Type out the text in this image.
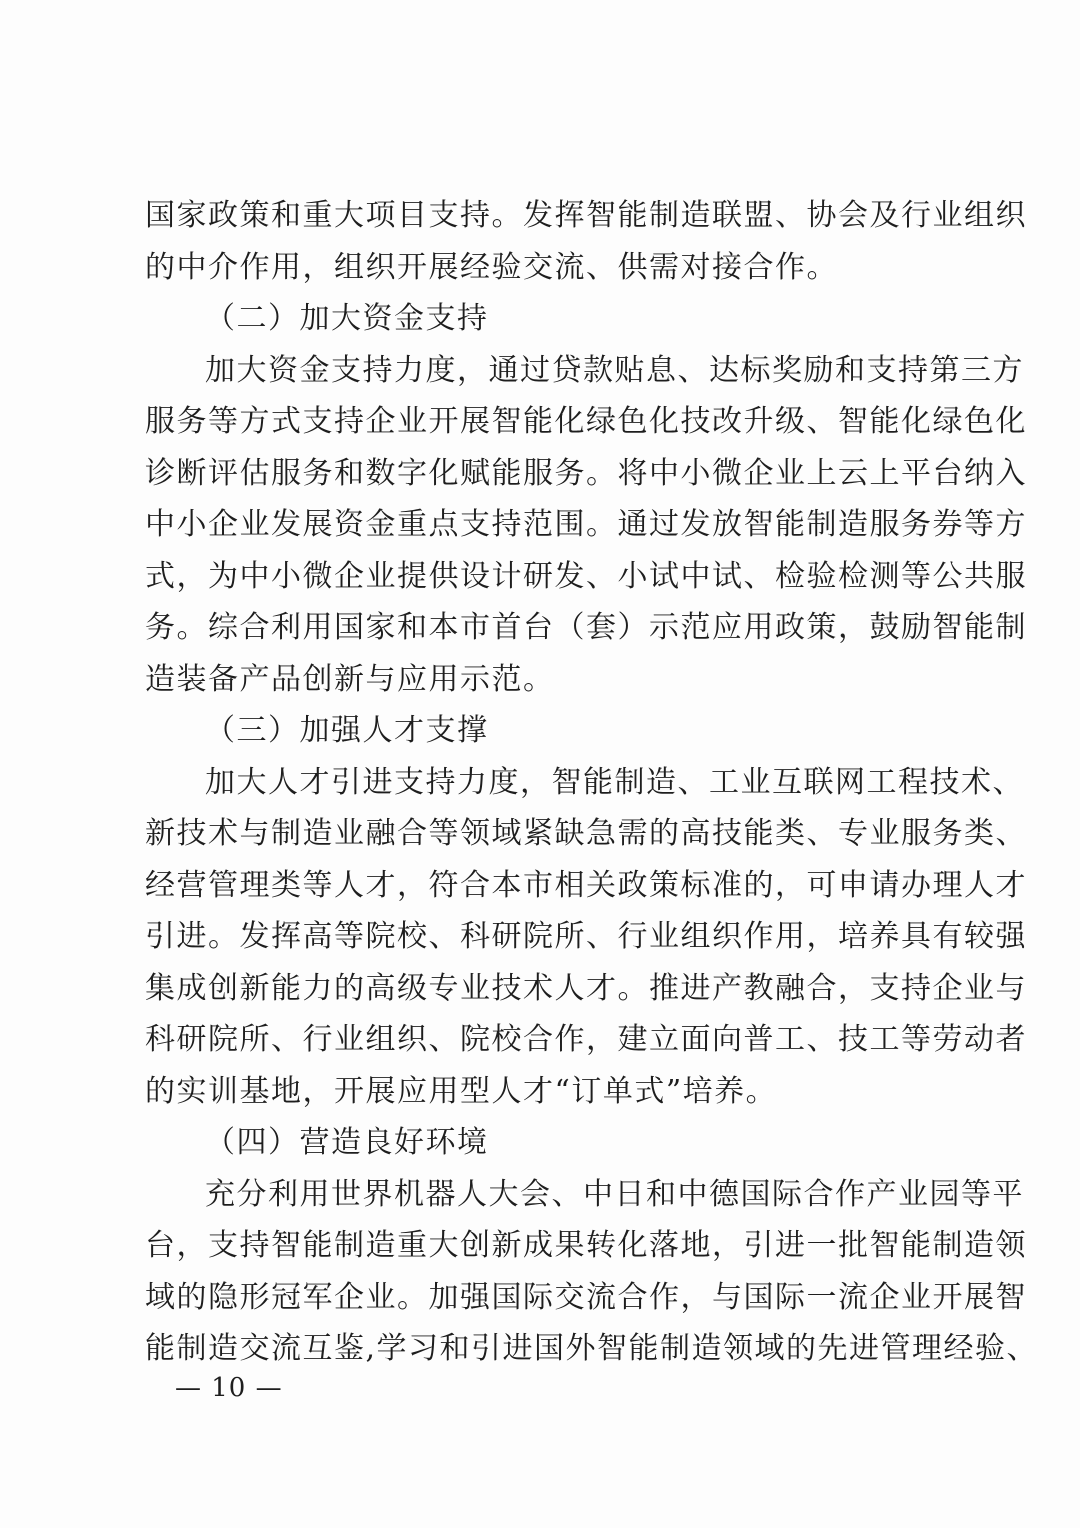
国家政策和重大项目支持。发挥智能制造联盟、协会及行业组织
的中介作用，组织开展经验交流、供需对接合作。
（二）加大资金支持
加大资金支持力度，通过贷款贴息、达标奖励和支持第三方
服务等方式支持企业开展智能化绿色化技改升级、智能化绿色化
诊断评估服务和数字化赋能服务。将中小微企业上云上平台纳入
中小企业发展资金重点支持范围。通过发放智能制造服务券等方
式，为中小微企业提供设计研发、小试中试、检验检测等公共服
务。综合利用国家和本市首台（套）示范应用政策，鼓励智能制
造装备产品创新与应用示范。
（三）加强人才支撑
加大人才引进支持力度，智能制造、工业互联网工程技术、
新技术与制造业融合等领域紧缺急需的高技能类、专业服务类、
经营管理类等人才，符合本市相关政策标准的，可申请办理人才
引进。发挥高等院校、科研院所、行业组织作用，培养具有较强
集成创新能力的高级专业技术人才。推进产教融合，支持企业与
科研院所、行业组织、院校合作，建立面向普工、技工等劳动者
的实训基地，开展应用型人才“订单式”培养。
（四）营造良好环境
充分利用世界机器人大会、中日和中德国际合作产业园等平
台，支持智能制造重大创新成果转化落地，引进一批智能制造领
域的隐形冠军企业。加强国际交流合作，与国际一流企业开展智
能制造交流互鉴,学习和引进国外智能制造领域的先进管理经验、
— 10 —
